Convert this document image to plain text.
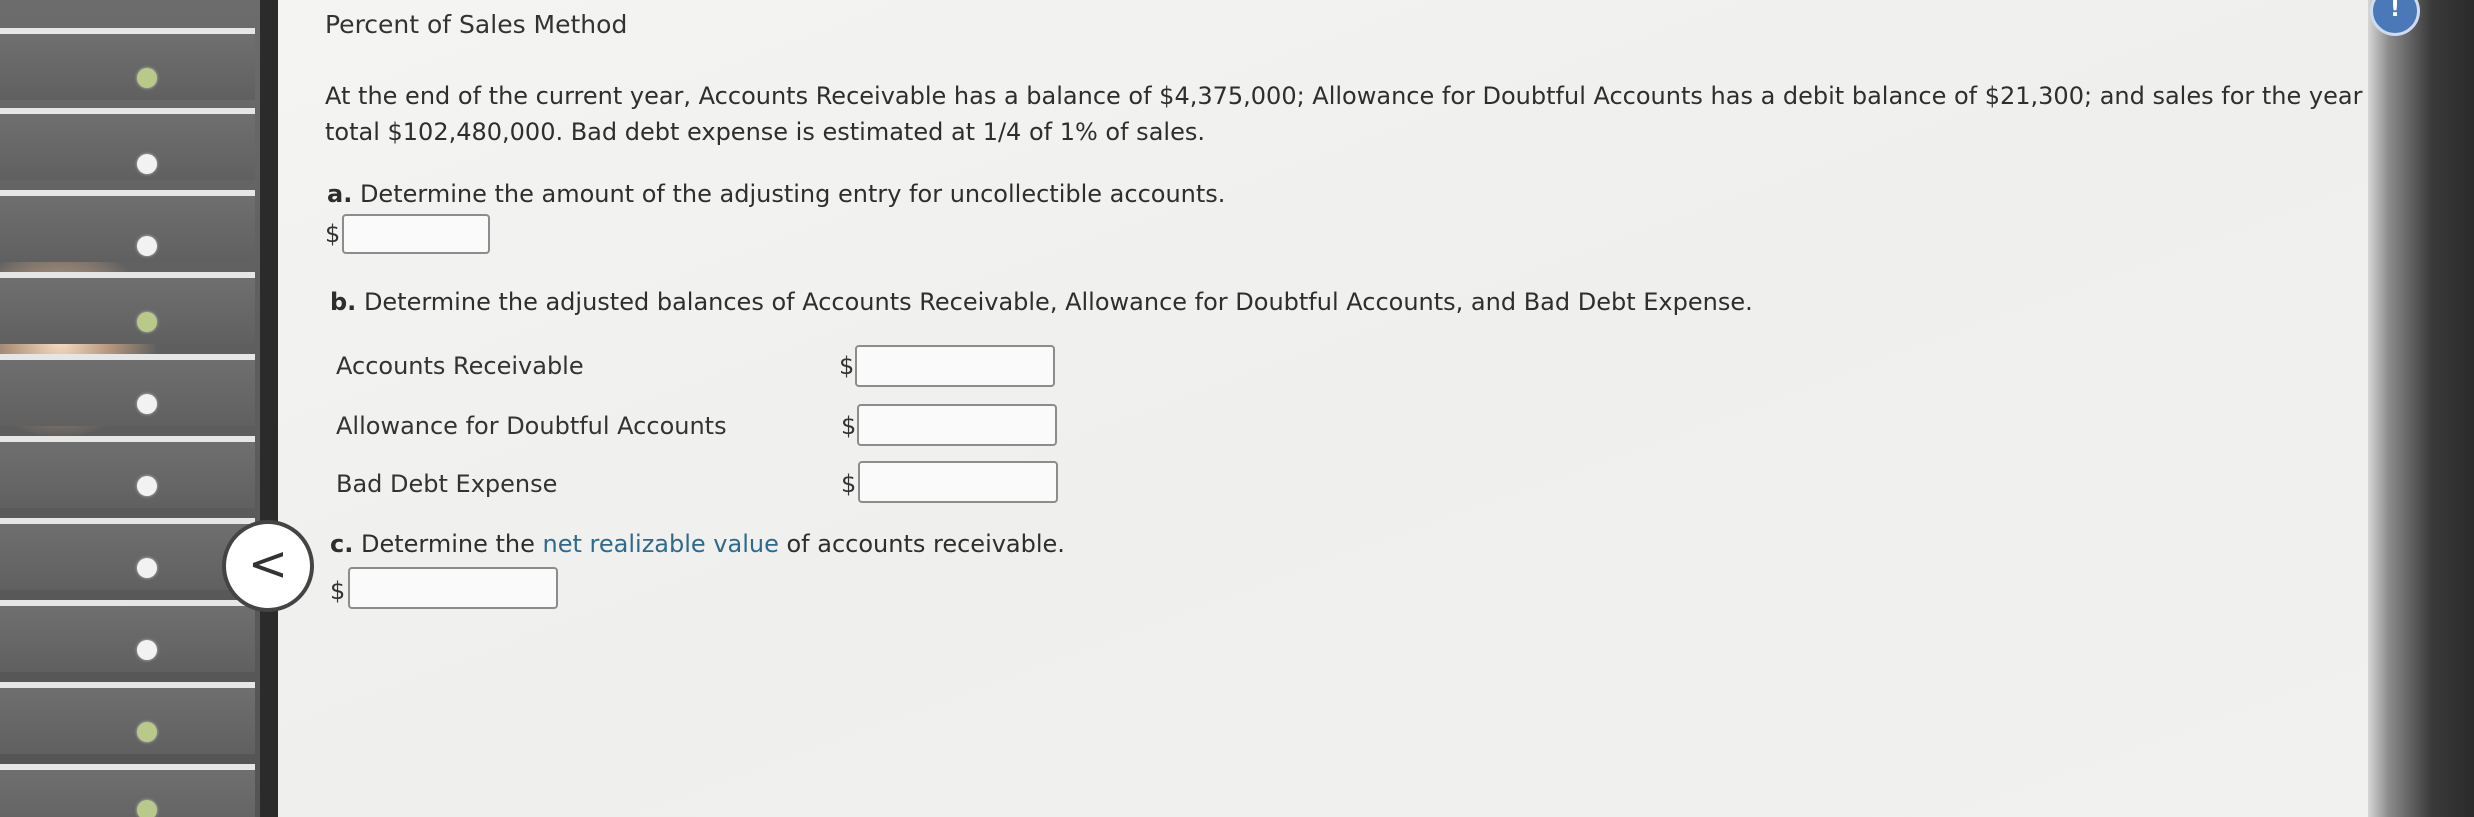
<
Percent of Sales Method
At the end of the current year, Accounts Receivable has a balance of $4,375,000; Allowance for Doubtful Accounts has a debit balance of $21,300; and sales for the year
total $102,480,000. Bad debt expense is estimated at 1/4 of 1% of sales.
a. Determine the amount of the adjusting entry for uncollectible accounts.
$
b. Determine the adjusted balances of Accounts Receivable, Allowance for Doubtful Accounts, and Bad Debt Expense.
Accounts Receivable	$
Allowance for Doubtful Accounts	$
Bad Debt Expense	$
c. Determine the net realizable value of accounts receivable.
$
!
